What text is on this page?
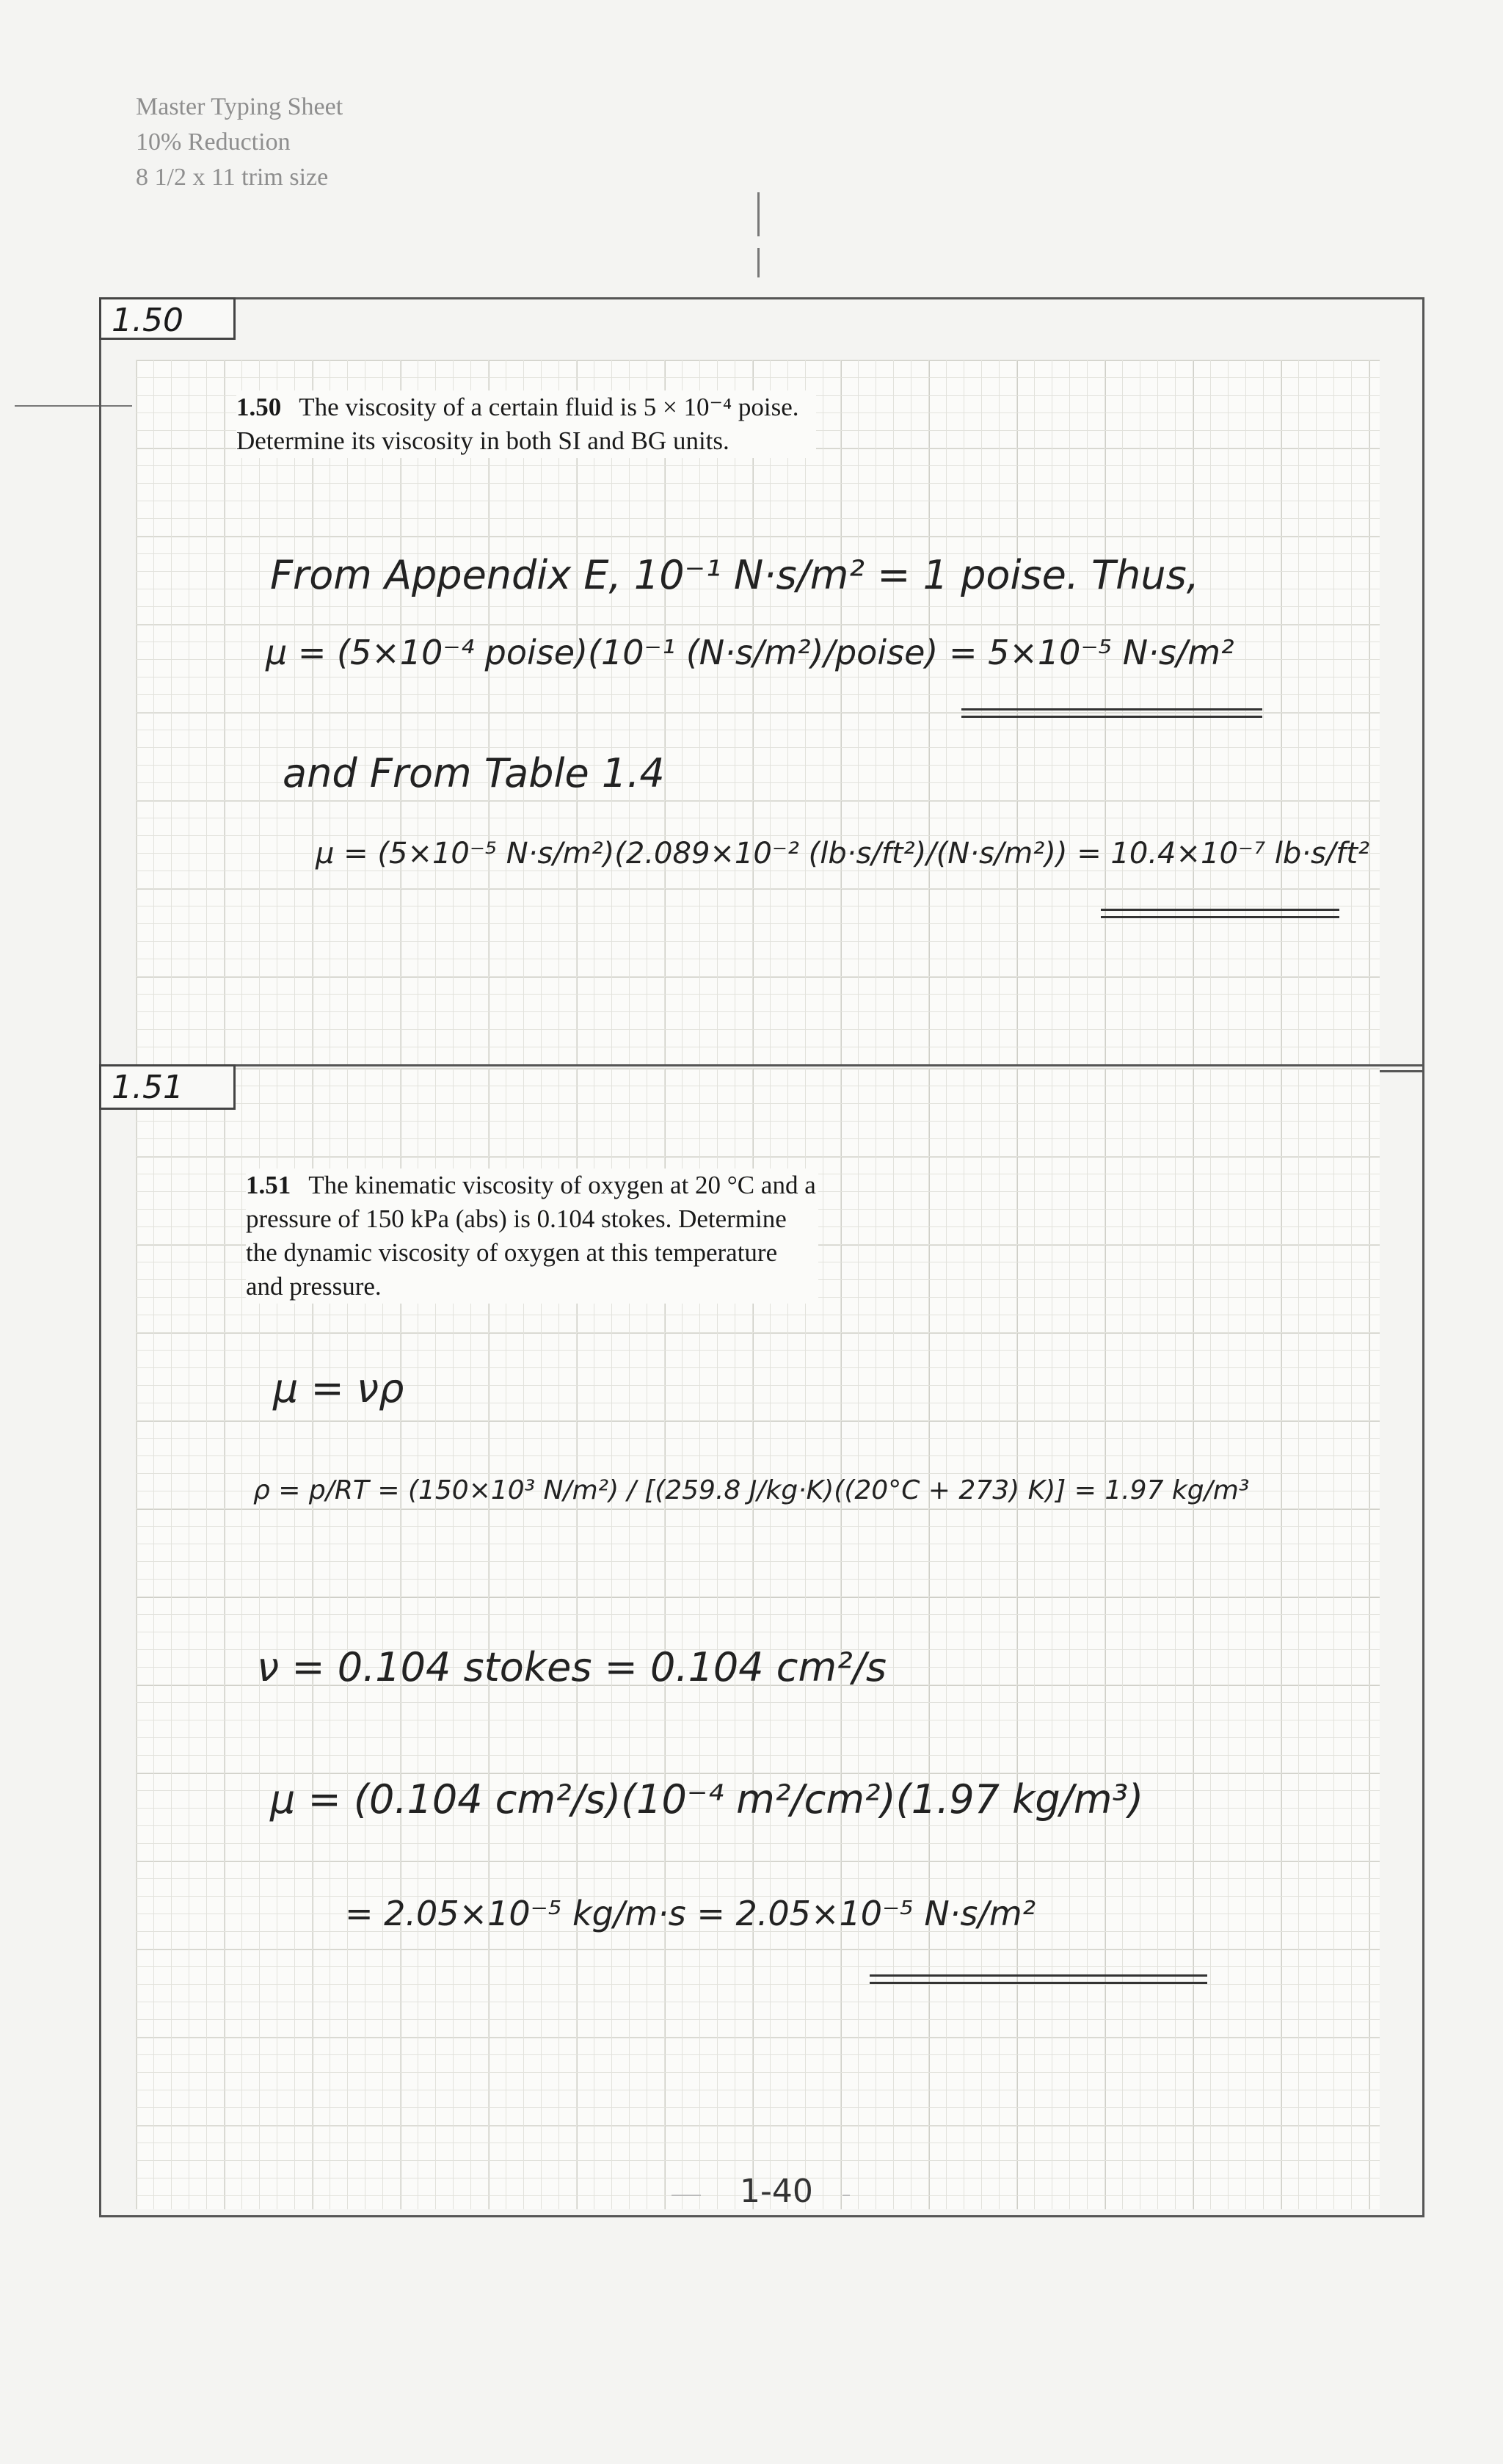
Master Typing Sheet
10% Reduction
8 1/2 x 11 trim size
1.50
1.50 The viscosity of a certain fluid is 5 × 10⁻⁴ poise. Determine its viscosity in both SI and BG units.
From Appendix E, 10⁻¹ N·s/m² = 1 poise. Thus,
μ = (5×10⁻⁴ poise)(10⁻¹ (N·s/m²)/poise) = 5×10⁻⁵ N·s/m²
and From Table 1.4
μ = (5×10⁻⁵ N·s/m²)(2.089×10⁻² (lb·s/ft²)/(N·s/m²)) = 10.4×10⁻⁷ lb·s/ft²
1.51
1.51 The kinematic viscosity of oxygen at 20 °C and a pressure of 150 kPa (abs) is 0.104 stokes. Determine the dynamic viscosity of oxygen at this temperature and pressure.
μ = νρ
ρ = p/RT = (150×10³ N/m²) / [(259.8 J/kg·K)((20°C + 273) K)] = 1.97 kg/m³
ν = 0.104 stokes = 0.104 cm²/s
μ = (0.104 cm²/s)(10⁻⁴ m²/cm²)(1.97 kg/m³)
= 2.05×10⁻⁵ kg/m·s = 2.05×10⁻⁵ N·s/m²
1-40
